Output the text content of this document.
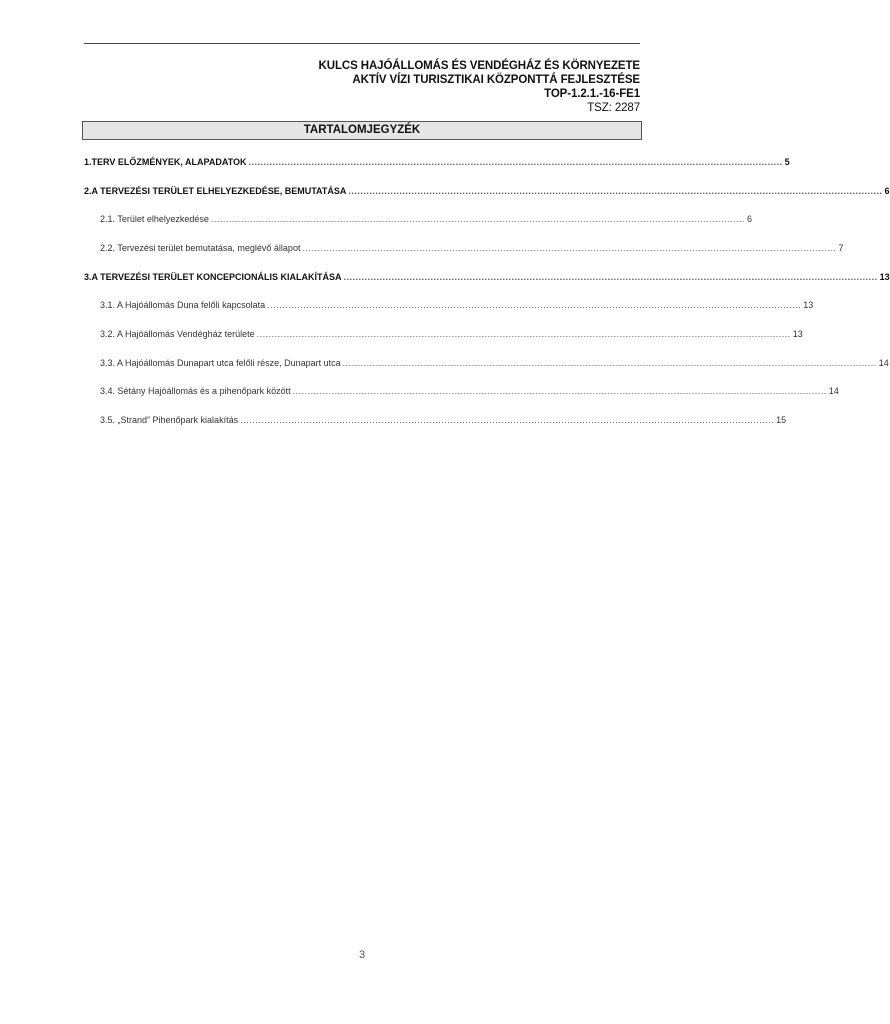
KULCS HAJÓÁLLOMÁS ÉS VENDÉGHÁZ ÉS KÖRNYEZETE
AKTÍV VÍZI TURISZTIKAI KÖZPONTTÁ FEJLESZTÉSE
TOP-1.2.1.-16-FE1
TSZ: 2287
TARTALOMJEGYZÉK
1. TERV ELŐZMÉNYEK, ALAPADATOK .................................................................................................................................................................................. 5
2. A TERVEZÉSI TERÜLET ELHELYEZKEDÉSE, BEMUTATÁSA .................................................................................................................................................................................. 6
2.1. Terület elhelyezkedése .................................................................................................................................................................................. 6
2.2. Tervezési terület bemutatása, meglévő állapot .................................................................................................................................................................................. 7
3. A TERVEZÉSI TERÜLET KONCEPCIONÁLIS KIALAKÍTÁSA .................................................................................................................................................................................. 13
3.1. A Hajóállomás Duna felőli kapcsolata .................................................................................................................................................................................. 13
3.2. A Hajóállomás Vendégház területe .................................................................................................................................................................................. 13
3.3. A Hajóállomás Dunapart utca felőli része, Dunapart utca .................................................................................................................................................................................. 14
3.4. Sétány Hajóállomás és a pihenőpark között .................................................................................................................................................................................. 14
3.5. „Strand” Pihenőpark kialakítás .................................................................................................................................................................................. 15
3
